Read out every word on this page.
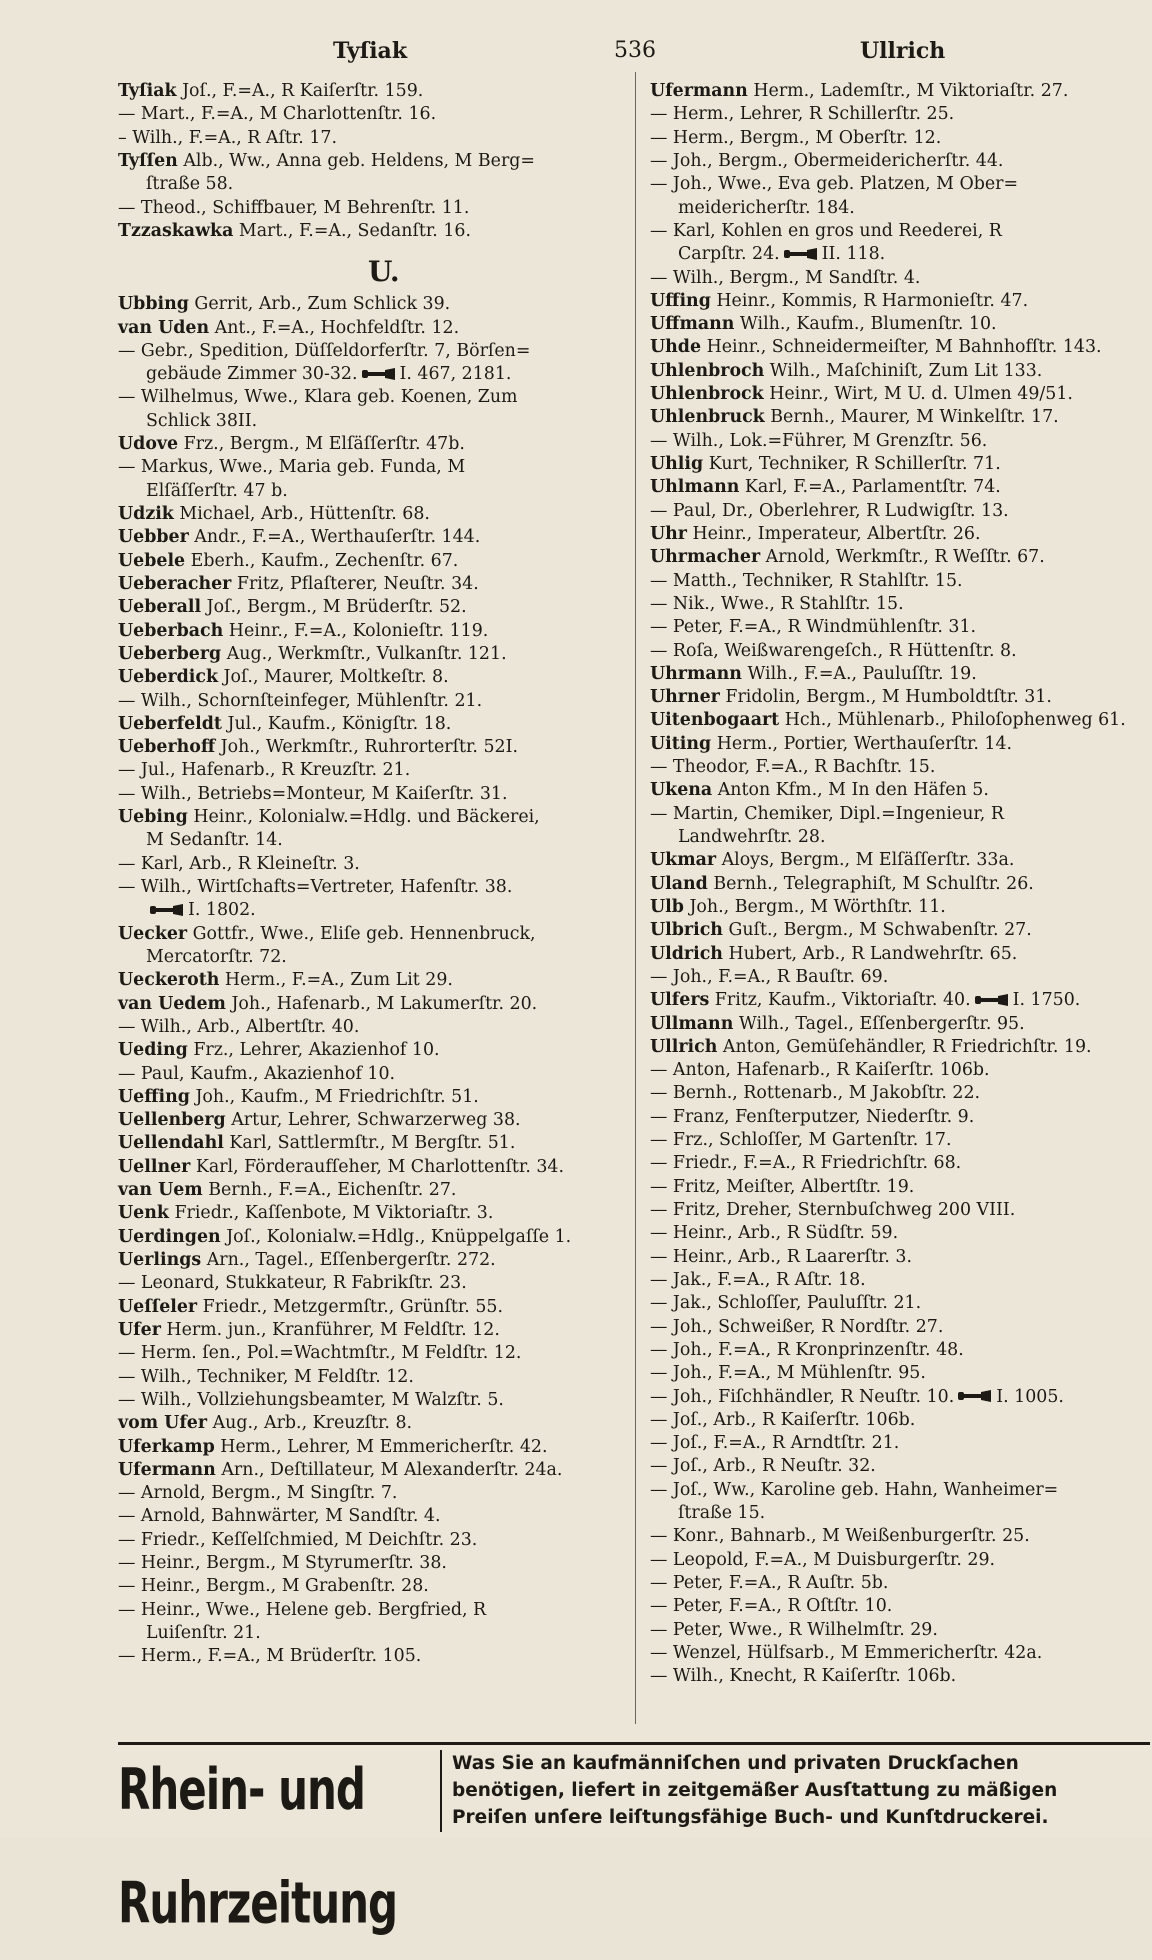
Tyſiak	536	Ullrich
Tyſiak Joſ., F.=A., R Kaiſerſtr. 159.
— Mart., F.=A., M Charlottenſtr. 16.
– Wilh., F.=A., R Aſtr. 17.
Tyſſen Alb., Ww., Anna geb. Heldens, M Berg=
ſtraße 58.
— Theod., Schiffbauer, M Behrenſtr. 11.
Tzzaskawka Mart., F.=A., Sedanſtr. 16.
U.
Ubbing Gerrit, Arb., Zum Schlick 39.
van Uden Ant., F.=A., Hochfeldſtr. 12.
— Gebr., Spedition, Düſſeldorferſtr. 7, Börſen=
gebäude Zimmer 30-32. I. 467, 2181.
— Wilhelmus, Wwe., Klara geb. Koenen, Zum
Schlick 38II.
Udove Frz., Bergm., M Elſäſſerſtr. 47b.
— Markus, Wwe., Maria geb. Funda, M
Elſäſſerſtr. 47 b.
Udzik Michael, Arb., Hüttenſtr. 68.
Uebber Andr., F.=A., Werthauſerſtr. 144.
Uebele Eberh., Kaufm., Zechenſtr. 67.
Ueberacher Fritz, Pflaſterer, Neuſtr. 34.
Ueberall Joſ., Bergm., M Brüderſtr. 52.
Ueberbach Heinr., F.=A., Kolonieſtr. 119.
Ueberberg Aug., Werkmſtr., Vulkanſtr. 121.
Ueberdick Joſ., Maurer, Moltkeſtr. 8.
— Wilh., Schornſteinfeger, Mühlenſtr. 21.
Ueberfeldt Jul., Kaufm., Königſtr. 18.
Ueberhoff Joh., Werkmſtr., Ruhrorterſtr. 52I.
— Jul., Hafenarb., R Kreuzſtr. 21.
— Wilh., Betriebs=Monteur, M Kaiſerſtr. 31.
Uebing Heinr., Kolonialw.=Hdlg. und Bäckerei,
M Sedanſtr. 14.
— Karl, Arb., R Kleineſtr. 3.
— Wilh., Wirtſchafts=Vertreter, Hafenſtr. 38.
I. 1802.
Uecker Gottfr., Wwe., Eliſe geb. Hennenbruck,
Mercatorſtr. 72.
Ueckeroth Herm., F.=A., Zum Lit 29.
van Uedem Joh., Hafenarb., M Lakumerſtr. 20.
— Wilh., Arb., Albertſtr. 40.
Ueding Frz., Lehrer, Akazienhof 10.
— Paul, Kaufm., Akazienhof 10.
Ueffing Joh., Kaufm., M Friedrichſtr. 51.
Uellenberg Artur, Lehrer, Schwarzerweg 38.
Uellendahl Karl, Sattlermſtr., M Bergſtr. 51.
Uellner Karl, Förderaufſeher, M Charlottenſtr. 34.
van Uem Bernh., F.=A., Eichenſtr. 27.
Uenk Friedr., Kaſſenbote, M Viktoriaſtr. 3.
Uerdingen Joſ., Kolonialw.=Hdlg., Knüppelgaſſe 1.
Uerlings Arn., Tagel., Eſſenbergerſtr. 272.
— Leonard, Stukkateur, R Fabrikſtr. 23.
Ueſſeler Friedr., Metzgermſtr., Grünſtr. 55.
Ufer Herm. jun., Kranführer, M Feldſtr. 12.
— Herm. ſen., Pol.=Wachtmſtr., M Feldſtr. 12.
— Wilh., Techniker, M Feldſtr. 12.
— Wilh., Vollziehungsbeamter, M Walzſtr. 5.
vom Ufer Aug., Arb., Kreuzſtr. 8.
Uferkamp Herm., Lehrer, M Emmericherſtr. 42.
Ufermann Arn., Deſtillateur, M Alexanderſtr. 24a.
— Arnold, Bergm., M Singſtr. 7.
— Arnold, Bahnwärter, M Sandſtr. 4.
— Friedr., Keſſelſchmied, M Deichſtr. 23.
— Heinr., Bergm., M Styrumerſtr. 38.
— Heinr., Bergm., M Grabenſtr. 28.
— Heinr., Wwe., Helene geb. Bergfried, R
Luiſenſtr. 21.
— Herm., F.=A., M Brüderſtr. 105.
Ufermann Herm., Lademſtr., M Viktoriaſtr. 27.
— Herm., Lehrer, R Schillerſtr. 25.
— Herm., Bergm., M Oberſtr. 12.
— Joh., Bergm., Obermeidericherſtr. 44.
— Joh., Wwe., Eva geb. Platzen, M Ober=
meidericherſtr. 184.
— Karl, Kohlen en gros und Reederei, R
Carpſtr. 24. II. 118.
— Wilh., Bergm., M Sandſtr. 4.
Uffing Heinr., Kommis, R Harmonieſtr. 47.
Uffmann Wilh., Kaufm., Blumenſtr. 10.
Uhde Heinr., Schneidermeiſter, M Bahnhofſtr. 143.
Uhlenbroch Wilh., Maſchiniſt, Zum Lit 133.
Uhlenbrock Heinr., Wirt, M U. d. Ulmen 49/51.
Uhlenbruck Bernh., Maurer, M Winkelſtr. 17.
— Wilh., Lok.=Führer, M Grenzſtr. 56.
Uhlig Kurt, Techniker, R Schillerſtr. 71.
Uhlmann Karl, F.=A., Parlamentſtr. 74.
— Paul, Dr., Oberlehrer, R Ludwigſtr. 13.
Uhr Heinr., Imperateur, Albertſtr. 26.
Uhrmacher Arnold, Werkmſtr., R Weſſtr. 67.
— Matth., Techniker, R Stahlſtr. 15.
— Nik., Wwe., R Stahlſtr. 15.
— Peter, F.=A., R Windmühlenſtr. 31.
— Roſa, Weißwarengeſch., R Hüttenſtr. 8.
Uhrmann Wilh., F.=A., Pauluſſtr. 19.
Uhrner Fridolin, Bergm., M Humboldtſtr. 31.
Uitenbogaart Hch., Mühlenarb., Philoſophenweg 61.
Uiting Herm., Portier, Werthauſerſtr. 14.
— Theodor, F.=A., R Bachſtr. 15.
Ukena Anton Kfm., M In den Häfen 5.
— Martin, Chemiker, Dipl.=Ingenieur, R
Landwehrſtr. 28.
Ukmar Aloys, Bergm., M Elſäſſerſtr. 33a.
Uland Bernh., Telegraphiſt, M Schulſtr. 26.
Ulb Joh., Bergm., M Wörthſtr. 11.
Ulbrich Guſt., Bergm., M Schwabenſtr. 27.
Uldrich Hubert, Arb., R Landwehrſtr. 65.
— Joh., F.=A., R Bauſtr. 69.
Ulfers Fritz, Kaufm., Viktoriaſtr. 40. I. 1750.
Ullmann Wilh., Tagel., Eſſenbergerſtr. 95.
Ullrich Anton, Gemüſehändler, R Friedrichſtr. 19.
— Anton, Hafenarb., R Kaiſerſtr. 106b.
— Bernh., Rottenarb., M Jakobſtr. 22.
— Franz, Fenſterputzer, Niederſtr. 9.
— Frz., Schloſſer, M Gartenſtr. 17.
— Friedr., F.=A., R Friedrichſtr. 68.
— Fritz, Meiſter, Albertſtr. 19.
— Fritz, Dreher, Sternbuſchweg 200 VIII.
— Heinr., Arb., R Südſtr. 59.
— Heinr., Arb., R Laarerſtr. 3.
— Jak., F.=A., R Aſtr. 18.
— Jak., Schloſſer, Pauluſſtr. 21.
— Joh., Schweißer, R Nordſtr. 27.
— Joh., F.=A., R Kronprinzenſtr. 48.
— Joh., F.=A., M Mühlenſtr. 95.
— Joh., Fiſchhändler, R Neuſtr. 10. I. 1005.
— Joſ., Arb., R Kaiſerſtr. 106b.
— Joſ., F.=A., R Arndtſtr. 21.
— Joſ., Arb., R Neuſtr. 32.
— Joſ., Ww., Karoline geb. Hahn, Wanheimer=
ſtraße 15.
— Konr., Bahnarb., M Weißenburgerſtr. 25.
— Leopold, F.=A., M Duisburgerſtr. 29.
— Peter, F.=A., R Auſtr. 5b.
— Peter, F.=A., R Oſtſtr. 10.
— Peter, Wwe., R Wilhelmſtr. 29.
— Wenzel, Hülfsarb., M Emmericherſtr. 42a.
— Wilh., Knecht, R Kaiſerſtr. 106b.
Rhein- und Ruhrzeitung
Was Sie an kaufmänniſchen und privaten Druckſachen
benötigen, liefert in zeitgemäßer Ausſtattung zu mäßigen
Preiſen unſere leiſtungsfähige Buch- und Kunſtdruckerei.
